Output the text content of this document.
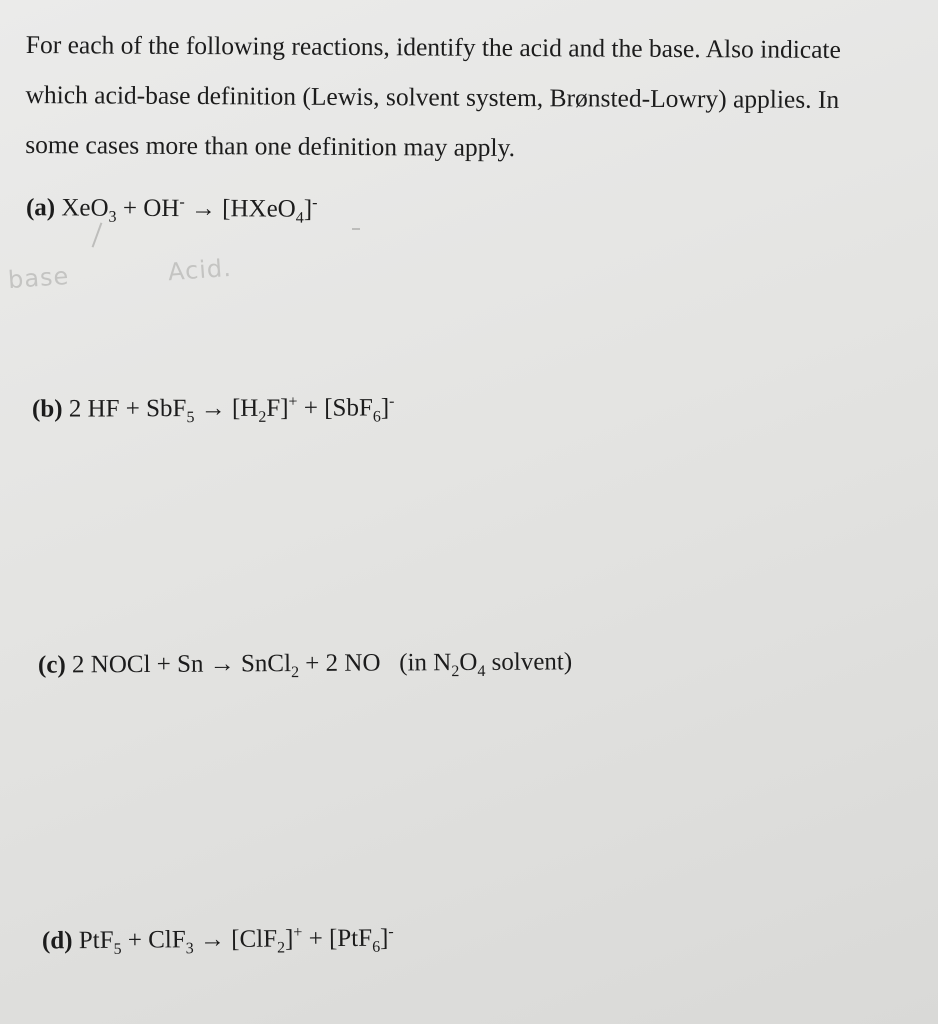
For each of the following reactions, identify the acid and the base. Also indicate
which acid-base definition (Lewis, solvent system, Brønsted-Lowry) applies. In
some cases more than one definition may apply.
(a) XeO$_3$ + OH- → [HXeO$_4$]-
base	Acid.
(b) 2 HF + $SbF_5 \to [H_2F]^+ + [SbF_6]^-$
(c) 2 NOCl + Sn → SnCl$_2$ + 2 NO   (in $N_2O_4$ solvent)
(d) PtF$_5$ + ClF$_3$ → [ClF$_2$]+ + [PtF$_6$]-
